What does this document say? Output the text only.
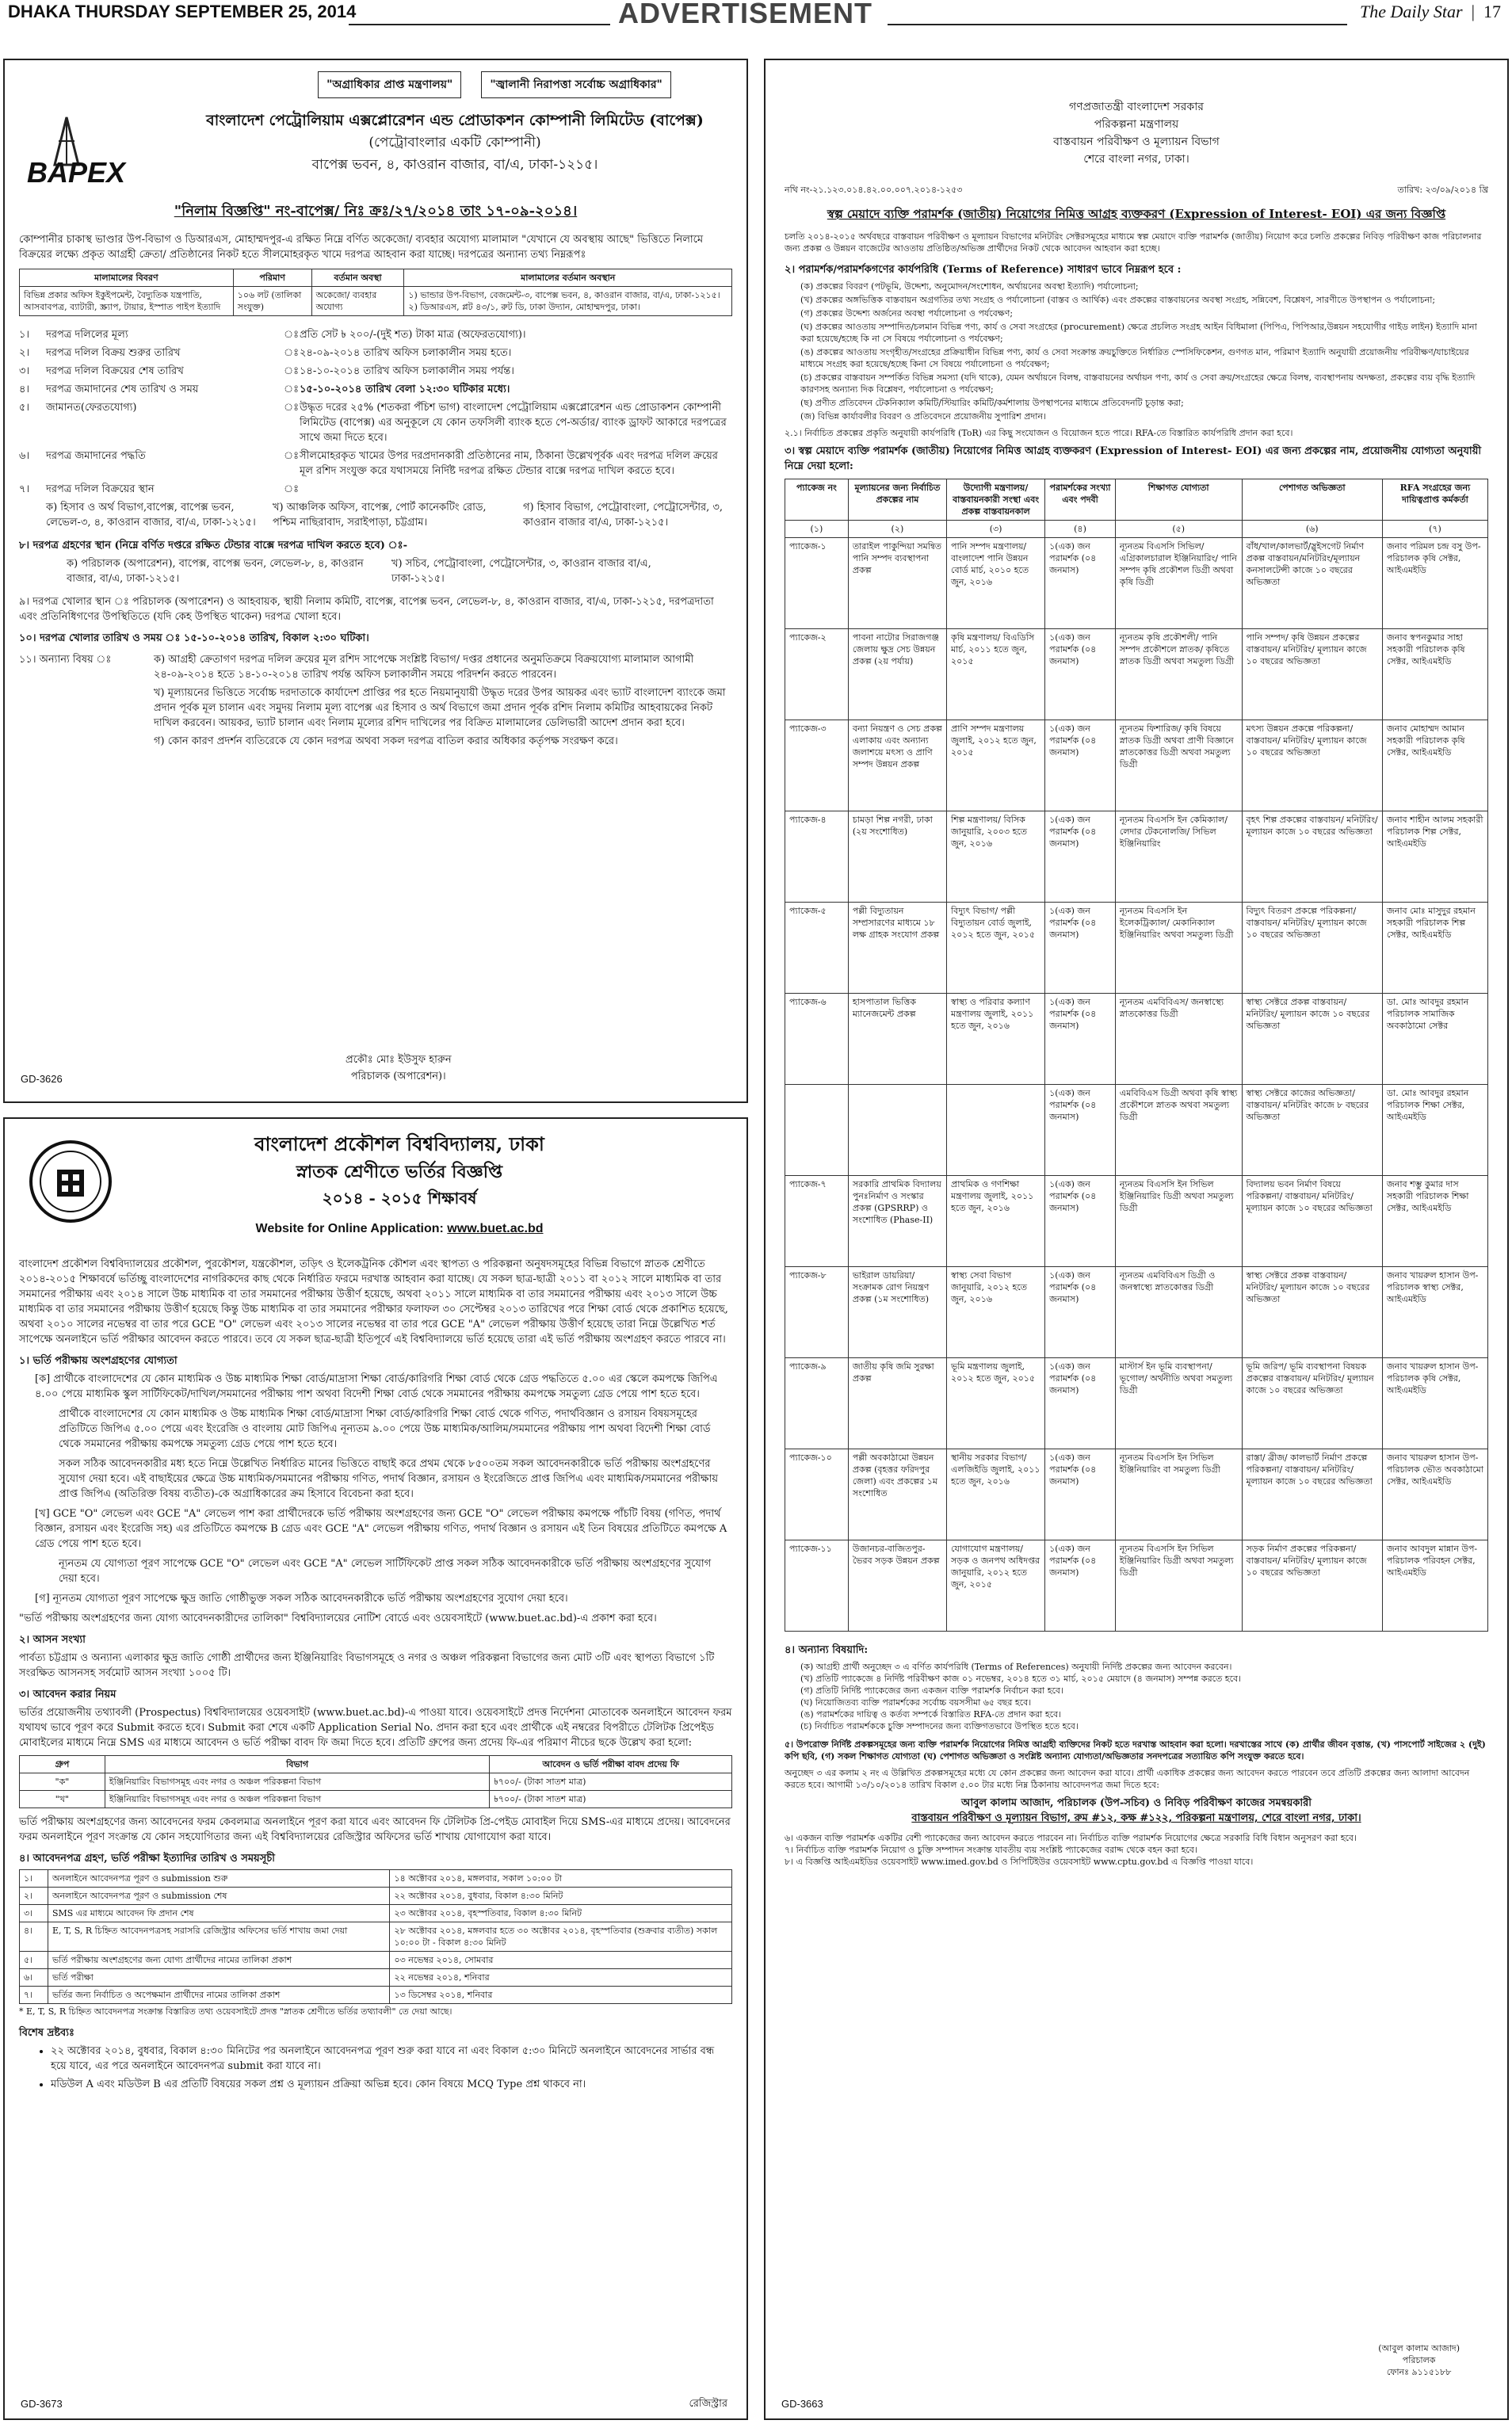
DHAKA THURSDAY SEPTEMBER 25, 2014	ADVERTISEMENT	The Daily Star  |  17
"অগ্রাধিকার প্রাপ্ত মন্ত্রণালয়"	"জ্বালানী নিরাপত্তা সর্বোচ্চ অগ্রাধিকার"
BAPEX
বাংলাদেশ পেট্রোলিয়াম এক্সপ্লোরেশন এন্ড প্রোডাকশন কোম্পানী লিমিটেড (বাপেক্স)
(পেট্রোবাংলার একটি কোম্পানী)
বাপেক্স ভবন, ৪, কাওরান বাজার, বা/এ, ঢাকা-১২১৫।
"নিলাম বিজ্ঞপ্তি" নং-বাপেক্স/ নিঃ ক্রঃ/২৭/২০১৪ তাং ১৭-০৯-২০১৪।
কোম্পানীর চাকাস্থ ভাণ্ডার উপ-বিভাগ ও ডিআরএস, মোহাম্মদপুর-এ রক্ষিত নিম্নে বর্ণিত অকেজো/ ব্যবহার অযোগ্য মালামাল "যেখানে যে অবস্থায় আছে" ভিত্তিতে নিলামে বিক্রয়ের লক্ষ্যে প্রকৃত আগ্রহী ক্রেতা/ প্রতিষ্ঠানের নিকট হতে সীলমোহরকৃত খামে দরপত্র আহবান করা যাচ্ছে। দরপত্রের অন্যান্য তথ্য নিম্নরূপঃ
মালামালের বিবরণ	পরিমাণ	বর্তমান অবস্থা	মালামালের বর্তমান অবস্থান
বিভিন্ন প্রকার অফিস ইকুইপমেন্ট, বৈদ্যুতিক যন্ত্রপাতি, আসবাবপত্র, ব্যাটারী, স্ক্র্যাপ, টায়ার, ইস্পাত পাইপ ইত্যাদি	১০৬ লট (তালিকা সংযুক্ত)	অকেজো/ ব্যবহার অযোগ্য	১) ভান্ডার উপ-বিভাগ, বেজমেন্ট-৩, বাপেক্স ভবন, ৪, কাওরান বাজার, বা/এ, ঢাকা-১২১৫। ২) ডিআরএস, প্লট ৪৩/১, রুট ডি, ঢাকা উদ্যান, মোহাম্মদপুর, ঢাকা।
১।	দরপত্র দলিলের মূল্য	ঃ প্রতি সেট ৳ ২০০/-(দুই শত) টাকা মাত্র (অফেরতযোগ্য)।
২।	দরপত্র দলিল বিক্রয় শুরুর তারিখ	ঃ ২৪-০৯-২০১৪ তারিখ অফিস চলাকালীন সময় হতে।
৩।	দরপত্র দলিল বিক্রয়ের শেষ তারিখ	ঃ ১৪-১০-২০১৪ তারিখ অফিস চলাকালীন সময় পর্যন্ত।
৪।	দরপত্র জমাদানের শেষ তারিখ ও সময়	ঃ ১৫-১০-২০১৪ তারিখ বেলা ১২:৩০ ঘটিকার মধ্যে।
৫।	জামানত(ফেরতযোগ্য)	ঃ উদ্ধৃত দরের ২৫% (শতকরা পঁচিশ ভাগ) বাংলাদেশ পেট্রোলিয়াম এক্সপ্লোরেশন এন্ড প্রোডাকশন কোম্পানী লিমিটেড (বাপেক্স) এর অনুকূলে যে কোন তফসিলী ব্যাংক হতে পে-অর্ডার/ ব্যাংক ড্রাফট আকারে দরপত্রের সাথে জমা দিতে হবে।
৬।	দরপত্র জমাদানের পদ্ধতি	ঃ সীলমোহরকৃত খামের উপর দরপ্রদানকারী প্রতিষ্ঠানের নাম, ঠিকানা উল্লেখপূর্বক এবং দরপত্র দলিল ক্রয়ের মূল রশিদ সংযুক্ত করে যথাসময়ে নির্দিষ্ট দরপত্র রক্ষিত টেন্ডার বাক্সে দরপত্র দাখিল করতে হবে।
৭।	দরপত্র দলিল বিক্রয়ের স্থান	ঃ
ক) হিসাব ও অর্থ বিভাগ,বাপেক্স, বাপেক্স ভবন, লেভেল-৩, ৪, কাওরান বাজার, বা/এ, ঢাকা-১২১৫।
খ) আঞ্চলিক অফিস, বাপেক্স, পোর্ট কানেকটিং রোড, পশ্চিম নাছিরাবাদ, সরাইপাড়া, চট্টগ্রাম।
গ) হিসাব বিভাগ, পেট্রোবাংলা, পেট্রোসেন্টার, ৩, কাওরান বাজার বা/এ, ঢাকা-১২১৫।
৮। দরপত্র গ্রহণের স্থান (নিম্নে বর্ণিত দপ্তরে রক্ষিত টেন্ডার বাক্সে দরপত্র দাখিল করতে হবে) ঃ-
ক) পরিচালক (অপারেশন), বাপেক্স, বাপেক্স ভবন, লেভেল-৮, ৪, কাওরান বাজার, বা/এ, ঢাকা-১২১৫।
খ) সচিব, পেট্রোবাংলা, পেট্রোসেন্টার, ৩, কাওরান বাজার বা/এ, ঢাকা-১২১৫।
৯। দরপত্র খোলার স্থান ঃ পরিচালক (অপারেশন) ও আহবায়ক, স্থায়ী নিলাম কমিটি, বাপেক্স, বাপেক্স ভবন, লেভেল-৮, ৪, কাওরান বাজার, বা/এ, ঢাকা-১২১৫, দরপত্রদাতা এবং প্রতিনিধিগণের উপস্থিতিতে (যদি কেহ উপস্থিত থাকেন) দরপত্র খোলা হবে।
১০। দরপত্র খোলার তারিখ ও সময় ঃ ১৫-১০-২০১৪ তারিখ, বিকাল ২:৩০ ঘটিকা।
১১। অন্যান্য বিষয় ঃ	ক) আগ্রহী ক্রেতাগণ দরপত্র দলিল ক্রয়ের মূল রশিদ সাপেক্ষে সংশ্লিষ্ট বিভাগ/ দপ্তর প্রধানের অনুমতিক্রমে বিক্রয়যোগ্য মালামাল আগামী ২৪-০৯-২০১৪ হতে ১৪-১০-২০১৪ তারিখ পর্যন্ত অফিস চলাকালীন সময়ে পরিদর্শন করতে পারবেন।
খ) মূল্যায়নের ভিত্তিতে সর্বোচ্চ দরদাতাকে কার্যাদেশ প্রাপ্তির পর হতে নিয়মানুযায়ী উদ্ধৃত দরের উপর আয়কর এবং ভ্যাট বাংলাদেশ ব্যাংকে জমা প্রদান পূর্বক মূল চালান এবং সমুদয় নিলাম মূল্য বাপেক্স এর হিসাব ও অর্থ বিভাগে জমা প্রদান পূর্বক রশিদ নিলাম কমিটির আহবায়কের নিকট দাখিল করবেন। আয়কর, ভ্যাট চালান এবং নিলাম মূল্যের রশিদ দাখিলের পর বিক্রিত মালামালের ডেলিভারী আদেশ প্রদান করা হবে।
গ) কোন কারণ প্রদর্শন ব্যতিরেকে যে কোন দরপত্র অথবা সকল দরপত্র বাতিল করার অধিকার কর্তৃপক্ষ সংরক্ষণ করে।
প্রকৌঃ মোঃ ইউসুফ হারুন
পরিচালক (অপারেশন)।
GD-3626
বাংলাদেশ প্রকৌশল বিশ্ববিদ্যালয়, ঢাকা
স্নাতক শ্রেণীতে ভর্তির বিজ্ঞপ্তি
২০১৪ - ২০১৫ শিক্ষাবর্ষ
Website for Online Application: www.buet.ac.bd
বাংলাদেশ প্রকৌশল বিশ্ববিদ্যালয়ের প্রকৌশল, পুরকৌশল, যন্ত্রকৌশল, তড়িৎ ও ইলেকট্রনিক কৌশল এবং স্থাপত্য ও পরিকল্পনা অনুষদসমূহের বিভিন্ন বিভাগে স্নাতক শ্রেণীতে ২০১৪-২০১৫ শিক্ষাবর্ষে ভর্তিচ্ছু বাংলাদেশের নাগরিকদের কাছ থেকে নির্ধারিত ফরমে দরখাস্ত আহবান করা যাচ্ছে। যে সকল ছাত্র-ছাত্রী ২০১১ বা ২০১২ সালে মাধ্যমিক বা তার সমমানের পরীক্ষায় এবং ২০১৪ সালে উচ্চ মাধ্যমিক বা তার সমমানের পরীক্ষায় উত্তীর্ণ হয়েছে, অথবা ২০১১ সালে মাধ্যমিক বা তার সমমানের পরীক্ষায় এবং ২০১৩ সালে উচ্চ মাধ্যমিক বা তার সমমানের পরীক্ষায় উত্তীর্ণ হয়েছে কিন্তু উচ্চ মাধ্যমিক বা তার সমমানের পরীক্ষার ফলাফল ৩০ সেপ্টেম্বর ২০১৩ তারিখের পরে শিক্ষা বোর্ড থেকে প্রকাশিত হয়েছে, অথবা ২০১০ সালের নভেম্বর বা তার পরে GCE "O" লেভেল এবং ২০১৩ সালের নভেম্বর বা তার পরে GCE "A" লেভেল পরীক্ষায় উত্তীর্ণ হয়েছে তারা নিম্নে উল্লেখিত শর্ত সাপেক্ষে অনলাইনে ভর্তি পরীক্ষার আবেদন করতে পারবে। তবে যে সকল ছাত্র-ছাত্রী ইতিপূর্বে এই বিশ্ববিদ্যালয়ে ভর্তি হয়েছে তারা এই ভর্তি পরীক্ষায় অংশগ্রহণ করতে পারবে না।
১। ভর্তি পরীক্ষায় অংশগ্রহণের যোগ্যতা
[ক] প্রার্থীকে বাংলাদেশের যে কোন মাধ্যমিক ও উচ্চ মাধ্যমিক শিক্ষা বোর্ড/মাদ্রাসা শিক্ষা বোর্ড/কারিগরি শিক্ষা বোর্ড থেকে গ্রেড পদ্ধতিতে ৫.০০ এর স্কেলে কমপক্ষে জিপিএ ৪.০০ পেয়ে মাধ্যমিক স্কুল সার্টিফিকেট/দাখিল/সমমানের পরীক্ষায় পাশ অথবা বিদেশী শিক্ষা বোর্ড থেকে সমমানের পরীক্ষায় কমপক্ষে সমতুল্য গ্রেড পেয়ে পাশ হতে হবে।
প্রার্থীকে বাংলাদেশের যে কোন মাধ্যমিক ও উচ্চ মাধ্যমিক শিক্ষা বোর্ড/মাদ্রাসা শিক্ষা বোর্ড/কারিগরি শিক্ষা বোর্ড থেকে গণিত, পদার্থবিজ্ঞান ও রসায়ন বিষয়সমূহের প্রতিটিতে জিপিএ ৫.০০ পেয়ে এবং ইংরেজি ও বাংলায় মোট জিপিএ নূন্যতম ৯.০০ পেয়ে উচ্চ মাধ্যমিক/আলিম/সমমানের পরীক্ষায় পাশ অথবা বিদেশী শিক্ষা বোর্ড থেকে সমমানের পরীক্ষায় কমপক্ষে সমতুল্য গ্রেড পেয়ে পাশ হতে হবে।
সকল সঠিক আবেদনকারীর মধ্য হতে নিম্নে উল্লেখিত নির্ধারিত মানের ভিত্তিতে বাছাই করে প্রথম থেকে ৮৫০০তম সকল আবেদনকারীকে ভর্তি পরীক্ষায় অংশগ্রহণের সুযোগ দেয়া হবে। এই বাছাইয়ের ক্ষেত্রে উচ্চ মাধ্যমিক/সমমানের পরীক্ষায় গণিত, পদার্থ বিজ্ঞান, রসায়ন ও ইংরেজিতে প্রাপ্ত জিপিএ এবং মাধ্যমিক/সমমানের পরীক্ষায় প্রাপ্ত জিপিএ (অতিরিক্ত বিষয় ব্যতীত)-কে অগ্রাধিকারের ক্রম হিসাবে বিবেচনা করা হবে।
[খ] GCE "O" লেভেল এবং GCE "A" লেভেল পাশ করা প্রার্থীদেরকে ভর্তি পরীক্ষায় অংশগ্রহণের জন্য GCE "O" লেভেল পরীক্ষায় কমপক্ষে পাঁচটি বিষয় (গণিত, পদার্থ বিজ্ঞান, রসায়ন এবং ইংরেজি সহ) এর প্রতিটিতে কমপক্ষে B গ্রেড এবং GCE "A" লেভেল পরীক্ষায় গণিত, পদার্থ বিজ্ঞান ও রসায়ন এই তিন বিষয়ের প্রতিটিতে কমপক্ষে A গ্রেড পেয়ে পাশ হতে হবে।
ন্যূনতম যে যোগ্যতা পূরণ সাপেক্ষে GCE "O" লেভেল এবং GCE "A" লেভেল সার্টিফিকেট প্রাপ্ত সকল সঠিক আবেদনকারীকে ভর্তি পরীক্ষায় অংশগ্রহণের সুযোগ দেয়া হবে।
[গ] ন্যূনতম যোগ্যতা পূরণ সাপেক্ষে ক্ষুদ্র জাতি গোষ্ঠীভুক্ত সকল সঠিক আবেদনকারীকে ভর্তি পরীক্ষায় অংশগ্রহণের সুযোগ দেয়া হবে।
"ভর্তি পরীক্ষায় অংশগ্রহণের জন্য যোগ্য আবেদনকারীদের তালিকা" বিশ্ববিদ্যালয়ের নোটিশ বোর্ডে এবং ওয়েবসাইটে (www.buet.ac.bd)-এ প্রকাশ করা হবে।
২। আসন সংখ্যা
পার্বত্য চট্টগ্রাম ও অন্যান্য এলাকার ক্ষুদ্র জাতি গোষ্ঠী প্রার্থীদের জন্য ইঞ্জিনিয়ারিং বিভাগসমূহে ও নগর ও অঞ্চল পরিকল্পনা বিভাগের জন্য মোট ৩টি এবং স্থাপত্য বিভাগে ১টি সংরক্ষিত আসনসহ সর্বমোট আসন সংখ্যা ১০০৫ টি।
৩। আবেদন করার নিয়ম
ভর্তির প্রয়োজনীয় তথ্যাবলী (Prospectus) বিশ্ববিদ্যালয়ের ওয়েবসাইট (www.buet.ac.bd)-এ পাওয়া যাবে। ওয়েবসাইটে প্রদত্ত নির্দেশনা মোতাবেক অনলাইনে আবেদন ফরম যথাযথ ভাবে পূরণ করে Submit করতে হবে। Submit করা শেষে একটি Application Serial No. প্রদান করা হবে এবং প্রার্থীকে এই নম্বরের বিপরীতে টেলিটক প্রিপেইড মোবাইলের মাধ্যমে নিম্নে SMS এর মাধ্যমে আবেদন ও ভর্তি পরীক্ষা বাবদ ফি জমা দিতে হবে। প্রতিটি গ্রুপের জন্য প্রদেয় ফি-এর পরিমাণ নীচের ছকে উল্লেখ করা হলো:
গ্রুপ	বিভাগ	আবেদন ও ভর্তি পরীক্ষা বাবদ প্রদেয় ফি
"ক"	ইঞ্জিনিয়ারিং বিভাগসমূহ এবং নগর ও অঞ্চল পরিকল্পনা বিভাগ	৳৭০০/- (টাকা সাতশ মাত্র)
"খ"	ইঞ্জিনিয়ারিং বিভাগসমূহ এবং নগর ও অঞ্চল পরিকল্পনা বিভাগ	৳৭০০/- (টাকা সাতশ মাত্র)
ভর্তি পরীক্ষায় অংশগ্রহণের জন্য আবেদনের ফরম কেবলমাত্র অনলাইনে পূরণ করা যাবে এবং আবেদন ফি টেলিটক প্রি-পেইড মোবাইল দিয়ে SMS-এর মাধ্যমে প্রদেয়। আবেদনের ফরম অনলাইনে পূরণ সংক্রান্ত যে কোন সহযোগিতার জন্য এই বিশ্ববিদ্যালয়ের রেজিস্ট্রার অফিসের ভর্তি শাখায় যোগাযোগ করা যাবে।
৪। আবেদনপত্র গ্রহণ, ভর্তি পরীক্ষা ইত্যাদির তারিখ ও সময়সূচী
১।	অনলাইনে আবেদনপত্র পূরণ ও submission শুরু	১৪ অক্টোবর ২০১৪, মঙ্গলবার, সকাল ১০:০০ টা
২।	অনলাইনে আবেদনপত্র পূরণ ও submission শেষ	২২ অক্টোবর ২০১৪, বুধবার, বিকাল ৪:৩০ মিনিট
৩।	SMS এর মাধ্যমে আবেদন ফি প্রদান শেষ	২৩ অক্টোবর ২০১৪, বৃহস্পতিবার, বিকাল ৪:৩০ মিনিট
৪।	E, T, S, R চিহ্নিত আবেদনপত্রসহ সরাসরি রেজিস্ট্রার অফিসের ভর্তি শাখায় জমা দেয়া	২৮ অক্টোবর ২০১৪, মঙ্গলবার হতে ৩০ অক্টোবর ২০১৪, বৃহস্পতিবার (শুক্রবার ব্যতীত) সকাল ১০:০০ টা - বিকাল ৪:৩০ মিনিট
৫।	ভর্তি পরীক্ষায় অংশগ্রহণের জন্য যোগ্য প্রার্থীদের নামের তালিকা প্রকাশ	০৩ নভেম্বর ২০১৪, সোমবার
৬।	ভর্তি পরীক্ষা	২২ নভেম্বর ২০১৪, শনিবার
৭।	ভর্তির জন্য নির্বাচিত ও অপেক্ষমান প্রার্থীদের নামের তালিকা প্রকাশ	১৩ ডিসেম্বর ২০১৪, শনিবার
* E, T, S, R চিহ্নিত আবেদনপত্র সংক্রান্ত বিস্তারিত তথ্য ওয়েবসাইটে প্রদত্ত "স্নাতক শ্রেণীতে ভর্তির তথ্যাবলী" তে দেয়া আছে।
বিশেষ দ্রষ্টব্যঃ
• ২২ অক্টোবর ২০১৪, বুধবার, বিকাল ৪:৩০ মিনিটের পর অনলাইনে আবেদনপত্র পূরণ শুরু করা যাবে না এবং বিকাল ৫:৩০ মিনিটে অনলাইনে আবেদনের সার্ভার বন্ধ হয়ে যাবে, এর পরে অনলাইনে আবেদনপত্র submit করা যাবে না।
• মডিউল A এবং মডিউল B এর প্রতিটি বিষয়ের সকল প্রশ্ন ও মূল্যায়ন প্রক্রিয়া অভিন্ন হবে। কোন বিষয়ে MCQ Type প্রশ্ন থাকবে না।
GD-3673	রেজিস্ট্রার
গণপ্রজাতন্ত্রী বাংলাদেশ সরকার
পরিকল্পনা মন্ত্রণালয়
বাস্তবায়ন পরিবীক্ষণ ও মূল্যায়ন বিভাগ
শেরে বাংলা নগর, ঢাকা।
নথি নং-২১.১২৩.০১৪.৪২.০০.০০৭.২০১৪-১২৫৩	তারিখ: ২৩/০৯/২০১৪ খ্রি
স্বল্প মেয়াদে ব্যক্তি পরামর্শক (জাতীয়) নিয়োগের নিমিত্ত আগ্রহ ব্যক্তকরণ (Expression of Interest- EOI) এর জন্য বিজ্ঞপ্তি
চলতি ২০১৪-২০১৫ অর্থবছরে বাস্তবায়ন পরিবীক্ষণ ও মূল্যায়ন বিভাগের মনিটরিং সেক্টরসমূহের মাধ্যমে স্বল্প মেয়াদে ব্যক্তি পরামর্শক (জাতীয়) নিয়োগ করে চলতি প্রকল্পের নিবিড় পরিবীক্ষণ কাজ পরিচালনার জন্য প্রকল্প ও উন্নয়ন বাজেটের আওতায় প্রতিষ্ঠিত/অভিজ্ঞ প্রার্থীদের নিকট থেকে আবেদন আহবান করা হচ্ছে।
২। পরামর্শক/পরামর্শকগণের কার্যপরিধি (Terms of Reference) সাধারণ ভাবে নিম্নরূপ হবে :
(ক) প্রকল্পের বিবরণ (পটভূমি, উদ্দেশ্য, অনুমোদন/সংশোধন, অর্থায়নের অবস্থা ইত্যাদি) পর্যালোচনা;
(খ) প্রকল্পের অঙ্গভিত্তিক বাস্তবায়ন অগ্রগতির তথ্য সংগ্রহ ও পর্যালোচনা (বাস্তব ও আর্থিক) এবং প্রকল্পের বাস্তবায়নের অবস্থা সংগ্রহ, সন্নিবেশ, বিশ্লেষণ, সারণীতে উপস্থাপন ও পর্যালোচনা;
(গ) প্রকল্পের উদ্দেশ্য অর্জনের অবস্থা পর্যালোচনা ও পর্যবেক্ষণ;
(ঘ) প্রকল্পের আওতায় সম্পাদিত/চলমান বিভিন্ন পণ্য, কার্য ও সেবা সংগ্রহের (procurement) ক্ষেত্রে প্রচলিত সংগ্রহ আইন বিধিমালা (পিপিএ, পিপিআর,উন্নয়ন সহযোগীর গাইড লাইন) ইত্যাদি মানা করা হয়েছে/হচ্ছে কি না সে বিষয়ে পর্যালোচনা ও পর্যবেক্ষণ;
(ঙ) প্রকল্পের আওতায় সংগৃহীত/সংগ্রহের প্রক্রিয়াধীন বিভিন্ন পণ্য, কার্য ও সেবা সংক্রান্ত ক্রয়চুক্তিতে নির্ধারিত স্পেসিফিকেশন, গুণগত মান, পরিমাণ ইত্যাদি অনুযায়ী প্রয়োজনীয় পরিবীক্ষণ/যাচাইয়ের মাধ্যমে সংগ্রহ করা হয়েছে/হচ্ছে কিনা সে বিষয়ে পর্যালোচনা ও পর্যবেক্ষণ;
(চ) প্রকল্পের বাস্তবায়ন সম্পর্কিত বিভিন্ন সমস্যা (যদি থাকে), যেমন অর্থায়নে বিলম্ব, বাস্তবায়নের অর্থায়ন পণ্য, কার্য ও সেবা ক্রয়/সংগ্রহের ক্ষেত্রে বিলম্ব, ব্যবস্থাপনায় অদক্ষতা, প্রকল্পের ব্যয় বৃদ্ধি ইত্যাদি কারণসহ অন্যান্য দিক বিশ্লেষণ, পর্যালোচনা ও পর্যবেক্ষণ;
(ছ) প্রণীত প্রতিবেদন টেকনিক্যাল কমিটি/স্টিয়ারিং কমিটি/কর্মশালায় উপস্থাপনের মাধ্যমে প্রতিবেদনটি চূড়ান্ত করা;
(জ) বিভিন্ন কার্যাবলীর বিবরণ ও প্রতিবেদনে প্রয়োজনীয় সুপারিশ প্রদান।
২.১। নির্বাচিত প্রকল্পের প্রকৃতি অনুযায়ী কার্যপরিধি (ToR) এর কিছু সংযোজন ও বিয়োজন হতে পারে। RFA-তে বিস্তারিত কার্যপরিধি প্রদান করা হবে।
৩। স্বল্প মেয়াদে ব্যক্তি পরামর্শক (জাতীয়) নিয়োগের নিমিত্ত আগ্রহ ব্যক্তকরণ (Expression of Interest- EOI) এর জন্য প্রকল্পের নাম, প্রয়োজনীয় যোগ্যতা অনুযায়ী নিম্নে দেয়া হলো:
প্যাকেজ নং	মূল্যায়নের জন্য নির্বাচিত প্রকল্পের নাম	উদ্যোগী মন্ত্রণালয়/ বাস্তবায়নকারী সংস্থা এবং প্রকল্প বাস্তবায়নকাল	পরামর্শকের সংখ্যা এবং পদবী	শিক্ষাগত যোগ্যতা	পেশাগত অভিজ্ঞতা	RFA সংগ্রহের জন্য দায়িত্বপ্রাপ্ত কর্মকর্তা
(১)	(২)	(৩)	(৪)	(৫)	(৬)	(৭)
প্যাকেজ-১	তারাইল পাকুন্দিয়া সমন্বিত পানি সম্পদ ব্যবস্থাপনা প্রকল্প	পানি সম্পদ মন্ত্রণালয়/ বাংলাদেশ পানি উন্নয়ন বোর্ড মার্চ, ২০১০ হতে জুন, ২০১৬	১(এক) জন পরামর্শক (০৪ জনমাস)	ন্যূনতম বিএসসি সিভিল/এগ্রিকালচারাল ইঞ্জিনিয়ারিং/ পানি সম্পদ কৃষি প্রকৌশল ডিগ্রী অথবা কৃষি ডিগ্রী	বাঁধ/খাল/কালভার্ট/স্লুইসগেট নির্মাণ প্রকল্প বাস্তবায়ন/মনিটরিং/মূল্যায়ন কনসালটেন্সী কাজে ১০ বছরের অভিজ্ঞতা	জনাব পরিমল চন্দ্র বসু উপ-পরিচালক কৃষি সেক্টর, আইএমইডি
প্যাকেজ-২	পাবনা নাটোর সিরাজগঞ্জ জেলায় ক্ষুদ্র সেচ উন্নয়ন প্রকল্প (২য় পর্যায়)	কৃষি মন্ত্রণালয়/ বিএডিসি মার্চ, ২০১১ হতে জুন, ২০১৫	১(এক) জন পরামর্শক (০৪ জনমাস)	ন্যূনতম কৃষি প্রকৌশলী/ পানি সম্পদ প্রকৌশলে স্নাতক/ কৃষিতে স্নাতক ডিগ্রী অথবা সমতুল্য ডিগ্রী	পানি সম্পদ/ কৃষি উন্নয়ন প্রকল্পের বাস্তবায়ন/ মনিটরিং/ মূল্যায়ন কাজে ১০ বছরের অভিজ্ঞতা	জনাব স্বপনকুমার সাহা সহকারী পরিচালক কৃষি সেক্টর, আইএমইডি
প্যাকেজ-৩	বন্যা নিয়ন্ত্রণ ও সেচ প্রকল্প এলাকায় এবং অন্যান্য জলাশয়ে মৎস্য ও প্রাণি সম্পদ উন্নয়ন প্রকল্প	প্রাণি সম্পদ মন্ত্রণালয় জুলাই, ২০১২ হতে জুন, ২০১৫	১(এক) জন পরামর্শক (০৪ জনমাস)	ন্যূনতম ফিশারিজ/ কৃষি বিষয়ে স্নাতক ডিগ্রী অথবা প্রাণী বিজ্ঞানে স্নাতকোত্তর ডিগ্রী অথবা সমতুল্য ডিগ্রী	মৎস্য উন্নয়ন প্রকল্পে পরিকল্পনা/ বাস্তবায়ন/ মনিটরিং/ মূল্যায়ন কাজে ১০ বছরের অভিজ্ঞতা	জনাব মোহাম্মদ আমান সহকারী পরিচালক কৃষি সেক্টর, আইএমইডি
প্যাকেজ-৪	চামড়া শিল্প নগরী, ঢাকা (২য় সংশোধিত)	শিল্প মন্ত্রণালয়/ বিসিক জানুয়ারি, ২০০৩ হতে জুন, ২০১৬	১(এক) জন পরামর্শক (০৪ জনমাস)	ন্যূনতম বিএসসি ইন কেমিক্যাল/ লেদার টেকনোলজি/ সিভিল ইঞ্জিনিয়ারিং	বৃহৎ শিল্প প্রকল্পের বাস্তবায়ন/ মনিটরিং/ মূল্যায়ন কাজে ১০ বছরের অভিজ্ঞতা	জনাব শাহীন আলম সহকারী পরিচালক শিল্প সেক্টর, আইএমইডি
প্যাকেজ-৫	পল্লী বিদ্যুতায়ন সম্প্রসারণের মাধ্যমে ১৮ লক্ষ গ্রাহক সংযোগ প্রকল্প	বিদ্যুৎ বিভাগ/ পল্লী বিদ্যুতায়ন বোর্ড জুলাই, ২০১২ হতে জুন, ২০১৫	১(এক) জন পরামর্শক (০৪ জনমাস)	ন্যূনতম বিএসসি ইন ইলেকট্রিক্যাল/ মেকানিক্যাল ইঞ্জিনিয়ারিং অথবা সমতুল্য ডিগ্রী	বিদ্যুৎ বিতরণ প্রকল্পে পরিকল্পনা/ বাস্তবায়ন/ মনিটরিং/ মূল্যায়ন কাজে ১০ বছরের অভিজ্ঞতা	জনাব মোঃ মাসুদুর রহমান সহকারী পরিচালক শিল্প সেক্টর, আইএমইডি
প্যাকেজ-৬	হাসপাতাল ভিত্তিক ম্যানেজমেন্ট প্রকল্প	স্বাস্থ্য ও পরিবার কল্যাণ মন্ত্রণালয় জুলাই, ২০১১ হতে জুন, ২০১৬	১(এক) জন পরামর্শক (০৪ জনমাস)	ন্যূনতম এমবিবিএস/ জনস্বাস্থ্যে স্নাতকোত্তর ডিগ্রী	স্বাস্থ্য সেক্টরে প্রকল্প বাস্তবায়ন/ মনিটরিং/ মূল্যায়ন কাজে ১০ বছরের অভিজ্ঞতা	ডা. মোঃ আবদুর রহমান পরিচালক সামাজিক অবকাঠামো সেক্টর
			১(এক) জন পরামর্শক (০৪ জনমাস)	এমবিবিএস ডিগ্রী অথবা কৃষি স্বাস্থ্য প্রকৌশলে স্নাতক অথবা সমতুল্য ডিগ্রী	স্বাস্থ্য সেক্টরে কাজের অভিজ্ঞতা/ বাস্তবায়ন/ মনিটরিং কাজে ৮ বছরের অভিজ্ঞতা	ডা. মোঃ আবদুর রহমান পরিচালক শিক্ষা সেক্টর, আইএমইডি
প্যাকেজ-৭	সরকারি প্রাথমিক বিদ্যালয় পুনঃনির্মাণ ও সংস্কার প্রকল্প (GPSRRP) ও সংশোধিত (Phase-II)	প্রাথমিক ও গণশিক্ষা মন্ত্রণালয় জুলাই, ২০১১ হতে জুন, ২০১৬	১(এক) জন পরামর্শক (০৪ জনমাস)	ন্যূনতম বিএসসি ইন সিভিল ইঞ্জিনিয়ারিং ডিগ্রী অথবা সমতুল্য ডিগ্রী	বিদ্যালয় ভবন নির্মাণ বিষয়ে পরিকল্পনা/ বাস্তবায়ন/ মনিটরিং/ মূল্যায়ন কাজে ১০ বছরের অভিজ্ঞতা	জনাব শম্ভু কুমার দাস সহকারী পরিচালক শিক্ষা সেক্টর, আইএমইডি
প্যাকেজ-৮	ভাইরাল ডায়রিয়া/ সংক্রামক রোগ নিয়ন্ত্রণ প্রকল্প (১ম সংশোধিত)	স্বাস্থ্য সেবা বিভাগ জানুয়ারি, ২০১২ হতে জুন, ২০১৬	১(এক) জন পরামর্শক (০৪ জনমাস)	ন্যূনতম এমবিবিএস ডিগ্রী ও জনস্বাস্থ্যে স্নাতকোত্তর ডিগ্রী	স্বাস্থ্য সেক্টরে প্রকল্প বাস্তবায়ন/ মনিটরিং/ মূল্যায়ন কাজে ১০ বছরের অভিজ্ঞতা	জনাব খায়রুল হাসান উপ-পরিচালক স্বাস্থ্য সেক্টর, আইএমইডি
প্যাকেজ-৯	জাতীয় কৃষি জমি সুরক্ষা প্রকল্প	ভূমি মন্ত্রণালয় জুলাই, ২০১২ হতে জুন, ২০১৫	১(এক) জন পরামর্শক (০৪ জনমাস)	মাস্টার্স ইন ভূমি ব্যবস্থাপনা/ ভূগোল/ অর্থনীতি অথবা সমতুল্য ডিগ্রী	ভূমি জরিপ/ ভূমি ব্যবস্থাপনা বিষয়ক প্রকল্পের বাস্তবায়ন/ মনিটরিং/ মূল্যায়ন কাজে ১০ বছরের অভিজ্ঞতা	জনাব খায়রুল হাসান উপ-পরিচালক কৃষি সেক্টর, আইএমইডি
প্যাকেজ-১০	পল্লী অবকাঠামো উন্নয়ন প্রকল্প (বৃহত্তর ফরিদপুর জেলা) এবং প্রকল্পের ১ম সংশোধিত	স্থানীয় সরকার বিভাগ/ এলজিইডি জুলাই, ২০১১ হতে জুন, ২০১৬	১(এক) জন পরামর্শক (০৪ জনমাস)	ন্যূনতম বিএসসি ইন সিভিল ইঞ্জিনিয়ারিং বা সমতুল্য ডিগ্রী	রাস্তা/ ব্রীজ/ কালভার্ট নির্মাণ প্রকল্পে পরিকল্পনা/ বাস্তবায়ন/ মনিটরিং/ মূল্যায়ন কাজে ১০ বছরের অভিজ্ঞতা	জনাব খায়রুল হাসান উপ-পরিচালক ভৌত অবকাঠামো সেক্টর, আইএমইডি
প্যাকেজ-১১	উজানচর-বাজিতপুর-ভৈরব সড়ক উন্নয়ন প্রকল্প	যোগাযোগ মন্ত্রণালয়/ সড়ক ও জনপথ অধিদপ্তর জানুয়ারি, ২০১২ হতে জুন, ২০১৫	১(এক) জন পরামর্শক (০৪ জনমাস)	ন্যূনতম বিএসসি ইন সিভিল ইঞ্জিনিয়ারিং ডিগ্রী অথবা সমতুল্য ডিগ্রী	সড়ক নির্মাণ প্রকল্পের পরিকল্পনা/ বাস্তবায়ন/ মনিটরিং/ মূল্যায়ন কাজে ১০ বছরের অভিজ্ঞতা	জনাব আবদুল মান্নান উপ-পরিচালক পরিবহন সেক্টর, আইএমইডি
৪। অন্যান্য বিষয়াদি:
(ক) আগ্রহী প্রার্থী অনুচ্ছেদ ৩ এ বর্ণিত কার্যপরিধি (Terms of References) অনুযায়ী নির্দিষ্ট প্রকল্পের জন্য আবেদন করবেন।
(খ) প্রতিটি প্যাকেজে ৪ নির্দিষ্ট পরিবীক্ষণ কাজ ০১ নভেম্বর, ২০১৪ হতে ৩১ মার্চ, ২০১৫ মেয়াদে (৪ জনমাস) সম্পন্ন করতে হবে।
(গ) প্রতিটি নির্দিষ্ট প্যাকেজের জন্য একজন ব্যক্তি পরামর্শক নির্বাচন করা হবে।
(ঘ) নিয়োজিতব্য ব্যক্তি পরামর্শকের সর্বোচ্চ বয়সসীমা ৬৫ বছর হবে।
(ঙ) পরামর্শকের দায়িত্ব ও কর্তব্য সম্পর্কে বিস্তারিত RFA-তে প্রদান করা হবে।
(চ) নির্বাচিত পরামর্শককে চুক্তি সম্পাদনের জন্য ব্যক্তিগতভাবে উপস্থিত হতে হবে।
৫। উপরোক্ত নির্দিষ্ট প্রকল্পসমূহের জন্য ব্যক্তি পরামর্শক নিয়োগের নিমিত্ত আগ্রহী ব্যক্তিদের নিকট হতে দরখাস্ত আহবান করা হলো। দরখাস্তের সাথে (ক) প্রার্থীর জীবন বৃত্তান্ত, (খ) পাসপোর্ট সাইজের ২ (দুই) কপি ছবি, (গ) সকল শিক্ষাগত যোগ্যতা (ঘ) পেশাগত অভিজ্ঞতা ও সংশ্লিষ্ট অন্যান্য যোগ্যতা/অভিজ্ঞতার সনদপত্রের সত্যায়িত কপি সংযুক্ত করতে হবে।
অনুচ্ছেদ ৩ এর কলাম ২ নং এ উল্লিখিত প্রকল্পসমূহের মধ্যে যে কোন প্রকল্পের জন্য আবেদন করা যাবে। প্রার্থী একাধিক প্রকল্পের জন্য আবেদন করতে পারবেন তবে প্রতিটি প্রকল্পের জন্য আলাদা আবেদন করতে হবে। আগামী ১৩/১০/২০১৪ তারিখ বিকাল ৫.০০ টার মধ্যে নিম্ন ঠিকানায় আবেদনপত্র জমা দিতে হবে:
আবুল কালাম আজাদ, পরিচালক (উপ-সচিব) ও নিবিড় পরিবীক্ষণ কাজের সমন্বয়কারী
বাস্তবায়ন পরিবীক্ষণ ও মূল্যায়ন বিভাগ, রুম #১২, কক্ষ #১২২, পরিকল্পনা মন্ত্রণালয়, শেরে বাংলা নগর, ঢাকা।
৬। একজন ব্যক্তি পরামর্শক একটির বেশী প্যাকেজের জন্য আবেদন করতে পারবেন না। নির্বাচিত ব্যক্তি পরামর্শক নিয়োগের ক্ষেত্রে সরকারি বিধি বিধান অনুসরণ করা হবে।
৭। নির্বাচিত ব্যক্তি পরামর্শক নিয়োগ ও চুক্তি সম্পাদন সংক্রান্ত যাবতীয় ব্যয় সংশ্লিষ্ট প্যাকেজের বরাদ্দ থেকে বহন করা হবে।
৮। এ বিজ্ঞপ্তি আইএমইডির ওয়েবসাইট www.imed.gov.bd ও সিপিটিইউর ওয়েবসাইট www.cptu.gov.bd এ বিজ্ঞপ্তি পাওয়া যাবে।
(আবুল কালাম আজাদ)
পরিচালক
ফোনঃ ৯১১৫১৮৮
GD-3663
